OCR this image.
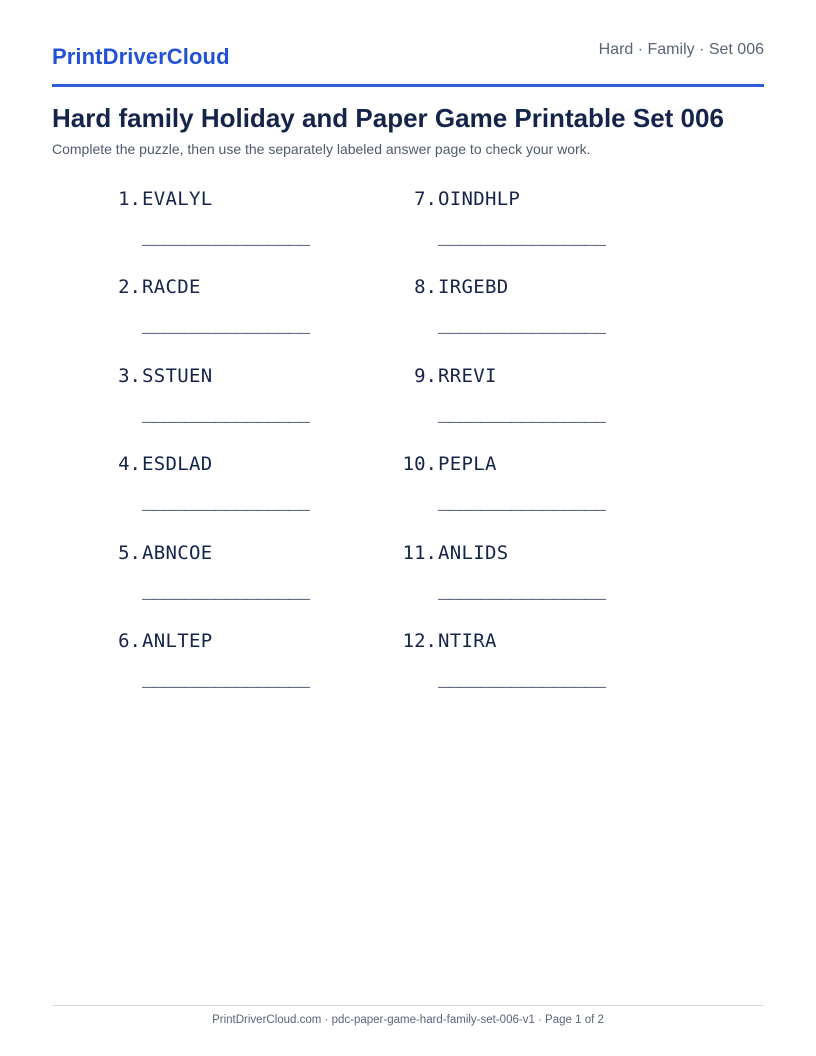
PrintDriverCloud	Hard · Family · Set 006
Hard family Holiday and Paper Game Printable Set 006

Complete the puzzle, then use the separately labeled answer page to check your work.

1. EVALYL
________________
2. RACDE
________________
3. SSTUEN
________________
4. ESDLAD
________________
5. ABNCOE
________________
6. ANLTEP
________________
7. OINDHLP
________________
8. IRGEBD
________________
9. RREVI
________________
10. PEPLA
________________
11. ANLIDS
________________
12. NTIRA
________________
PrintDriverCloud.com · pdc-paper-game-hard-family-set-006-v1 · Page 1 of 2
